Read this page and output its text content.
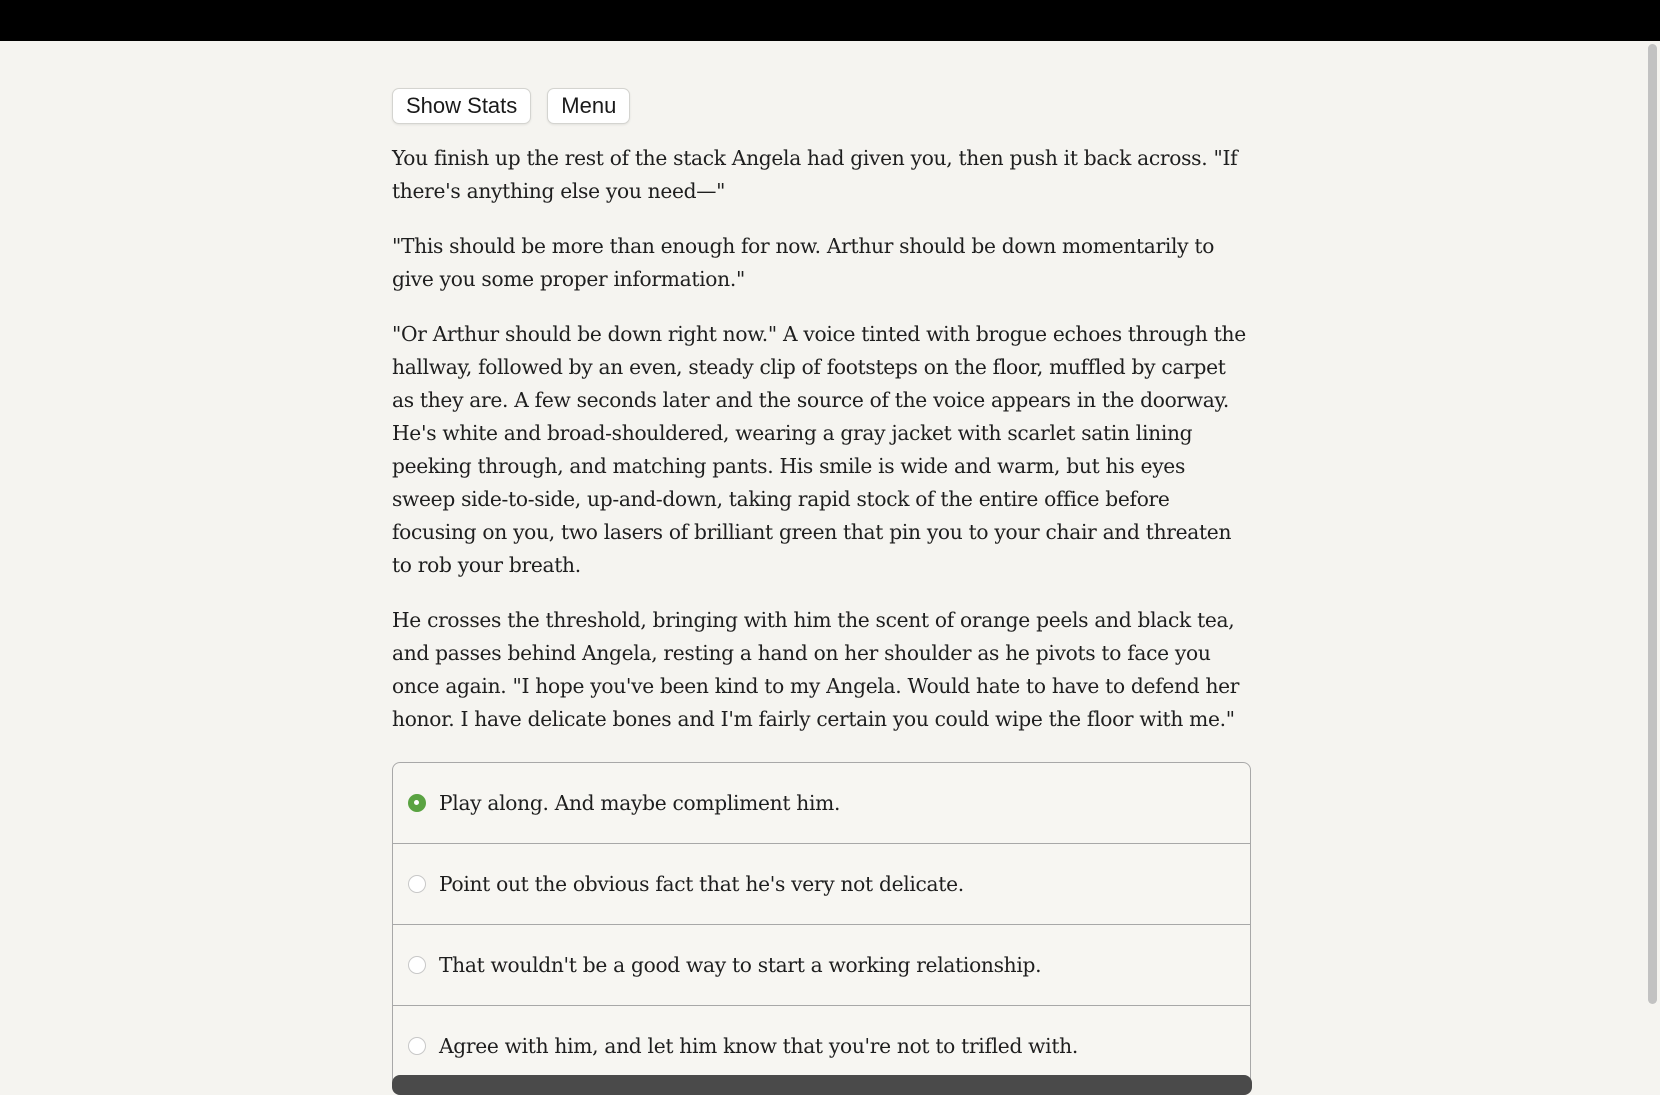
Show Stats	Menu

You finish up the rest of the stack Angela had given you, then push it back across. "If there's anything else you need—"

"This should be more than enough for now. Arthur should be down momentarily to give you some proper information."

"Or Arthur should be down right now." A voice tinted with brogue echoes through the hallway, followed by an even, steady clip of footsteps on the floor, muffled by carpet as they are. A few seconds later and the source of the voice appears in the doorway. He's white and broad-shouldered, wearing a gray jacket with scarlet satin lining peeking through, and matching pants. His smile is wide and warm, but his eyes sweep side-to-side, up-and-down, taking rapid stock of the entire office before focusing on you, two lasers of brilliant green that pin you to your chair and threaten to rob your breath.

He crosses the threshold, bringing with him the scent of orange peels and black tea, and passes behind Angela, resting a hand on her shoulder as he pivots to face you once again. "I hope you've been kind to my Angela. Would hate to have to defend her honor. I have delicate bones and I'm fairly certain you could wipe the floor with me."

Play along. And maybe compliment him.
Point out the obvious fact that he's very not delicate.
That wouldn't be a good way to start a working relationship.
Agree with him, and let him know that you're not to trifled with.
